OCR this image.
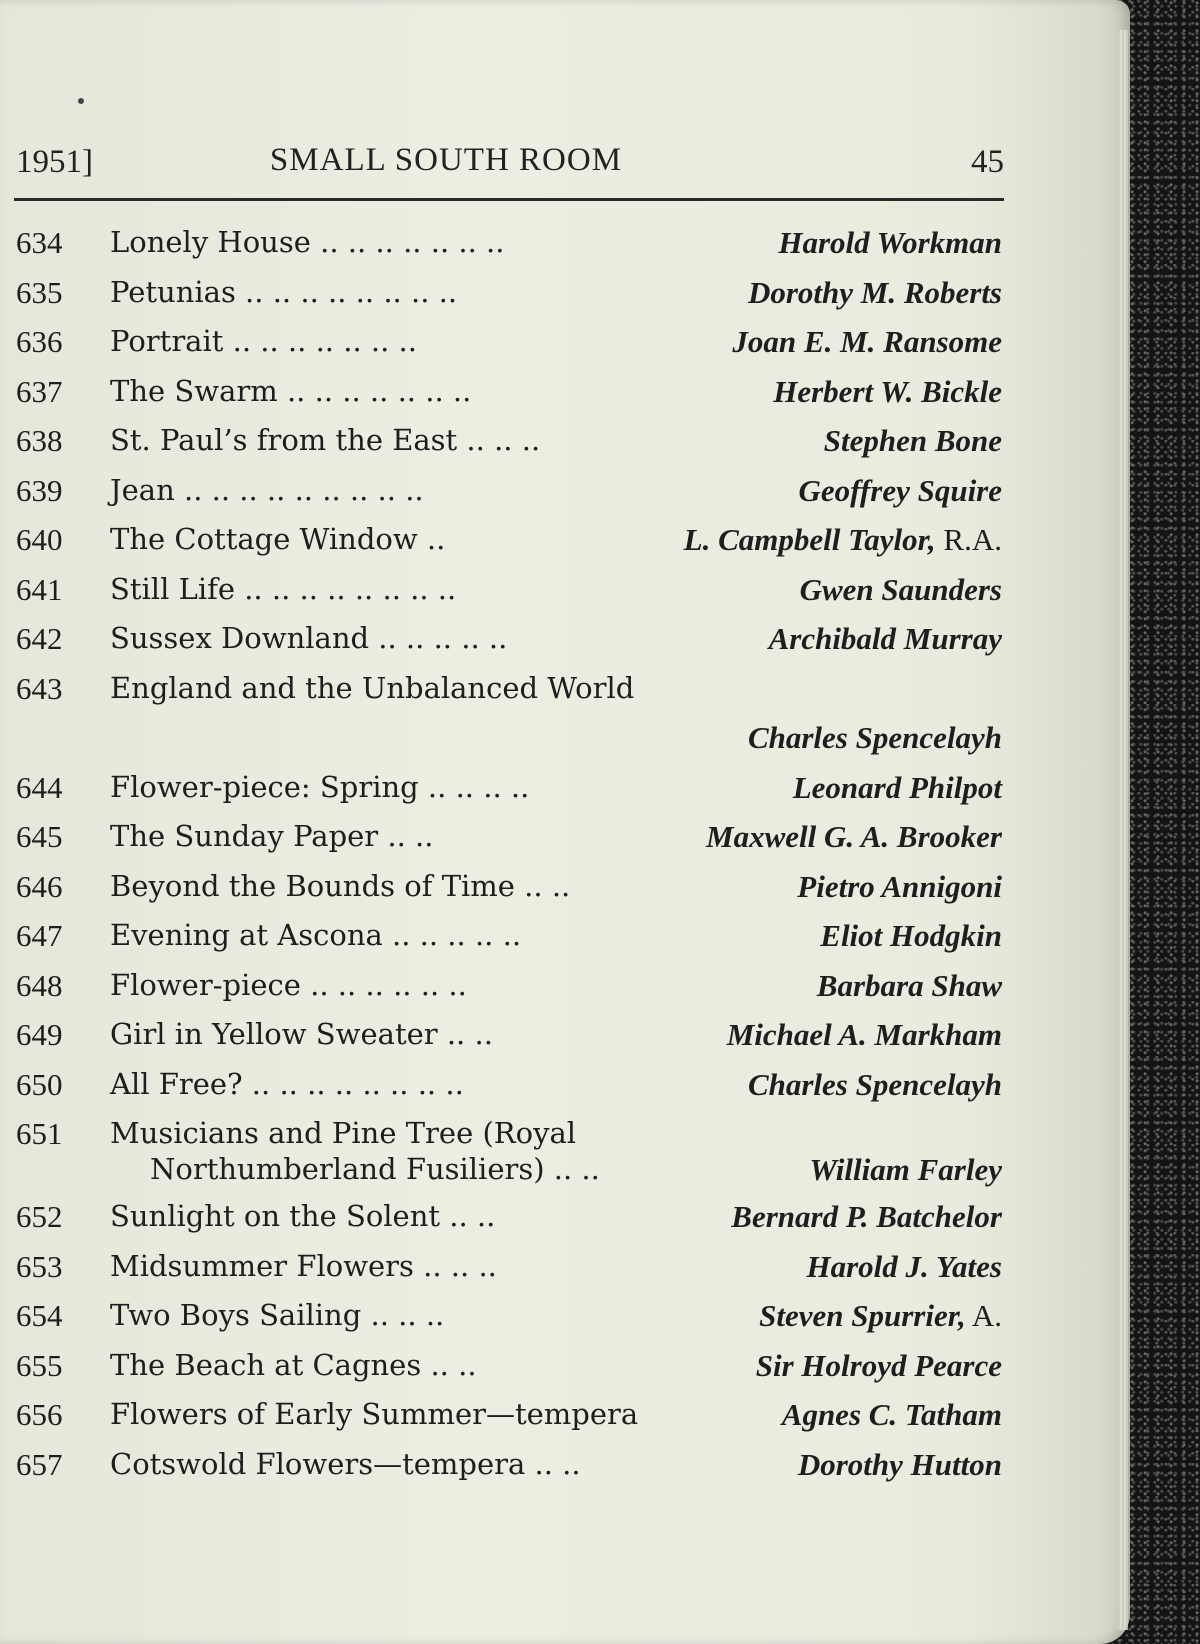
1951]	SMALL SOUTH ROOM	45
634 Lonely House .. .. .. .. .. .. ..	Harold Workman
635 Petunias .. .. .. .. .. .. .. ..	Dorothy M. Roberts
636 Portrait .. .. .. .. .. .. ..	Joan E. M. Ransome
637 The Swarm .. .. .. .. .. .. ..	Herbert W. Bickle
638 St. Paul’s from the East .. .. ..	Stephen Bone
639 Jean .. .. .. .. .. .. .. .. ..	Geoffrey Squire
640 The Cottage Window ..	L. Campbell Taylor, R.A.
641 Still Life .. .. .. .. .. .. .. ..	Gwen Saunders
642 Sussex Downland .. .. .. .. ..	Archibald Murray
643 England and the Unbalanced World
Charles Spencelayh
644 Flower-piece: Spring .. .. .. ..	Leonard Philpot
645 The Sunday Paper .. ..	Maxwell G. A. Brooker
646 Beyond the Bounds of Time .. ..	Pietro Annigoni
647 Evening at Ascona .. .. .. .. ..	Eliot Hodgkin
648 Flower-piece .. .. .. .. .. ..	Barbara Shaw
649 Girl in Yellow Sweater .. ..	Michael A. Markham
650 All Free? .. .. .. .. .. .. .. ..	Charles Spencelayh
651 Musicians and Pine Tree (Royal
Northumberland Fusiliers) .. ..	William Farley
652 Sunlight on the Solent .. ..	Bernard P. Batchelor
653 Midsummer Flowers .. .. ..	Harold J. Yates
654 Two Boys Sailing .. .. ..	Steven Spurrier, A.
655 The Beach at Cagnes .. ..	Sir Holroyd Pearce
656 Flowers of Early Summer—tempera	Agnes C. Tatham
657 Cotswold Flowers—tempera .. ..	Dorothy Hutton
